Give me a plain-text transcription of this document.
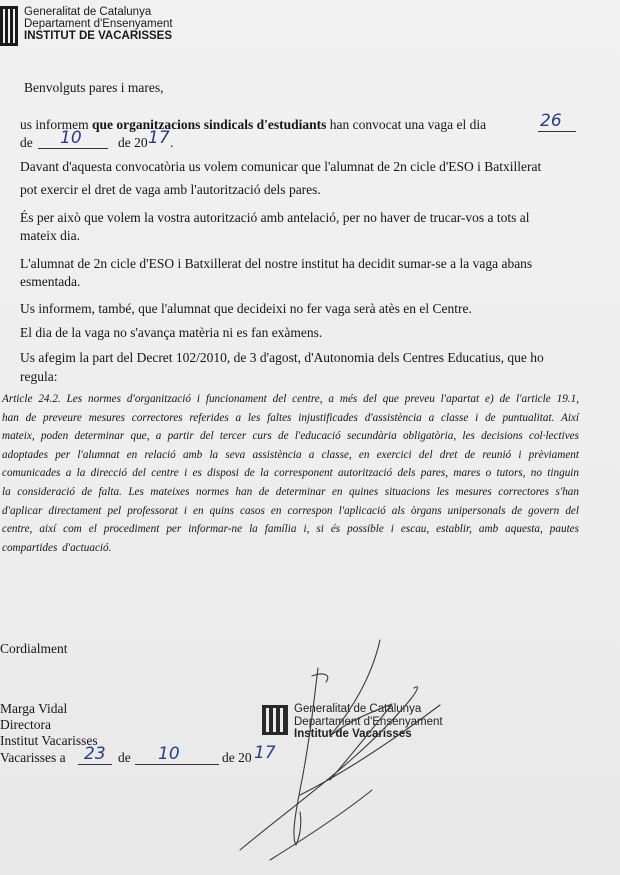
Generalitat de Catalunya
Departament d'Ensenyament
INSTITUT DE VACARISSES
Benvolguts pares i mares,
us informem que organitzacions sindicals d'estudiants han convocat una vaga el dia	26
de 10	de 20 17 .
Davant d'aquesta convocatòria us volem comunicar que l'alumnat de 2n cicle d'ESO i Batxillerat
pot exercir el dret de vaga amb l'autorització dels pares.
És per això que volem la vostra autorització amb antelació, per no haver de trucar-vos a tots al
mateix dia.
L'alumnat de 2n cicle d'ESO i Batxillerat del nostre institut ha decidit sumar-se a la vaga abans
esmentada.
Us informem, també, que l'alumnat que decideixi no fer vaga serà atès en el Centre.
El dia de la vaga no s'avança matèria ni es fan exàmens.
Us afegim la part del Decret 102/2010, de 3 d'agost, d'Autonomia dels Centres Educatius, que ho
regula:
Article 24.2. Les normes d'organització i funcionament del centre, a més del que preveu l'apartat e) de l'article 19.1, han de preveure mesures correctores referides a les faltes injustificades d'assistència a classe i de puntualitat. Així mateix, poden determinar que, a partir del tercer curs de l'educació secundària obligatòria, les decisions col·lectives adoptades per l'alumnat en relació amb la seva assistència a classe, en exercici del dret de reunió i prèviament comunicades a la direcció del centre i es disposi de la corresponent autorització dels pares, mares o tutors, no tinguin la consideració de falta. Les mateixes normes han de determinar en quines situacions les mesures correctores s'han d'aplicar directament pel professorat i en quins casos en correspon l'aplicació als òrgans unipersonals de govern del centre, així com el procediment per informar-ne la família i, si és possible i escau, establir, amb aquesta, pautes compartides d'actuació.
Cordialment
Marga Vidal
Directora
Institut Vacarisses
Vacarisses a 23 de 10	de 20 17
Generalitat de Catalunya
Departament d'Ensenyament
Institut de Vacarisses
